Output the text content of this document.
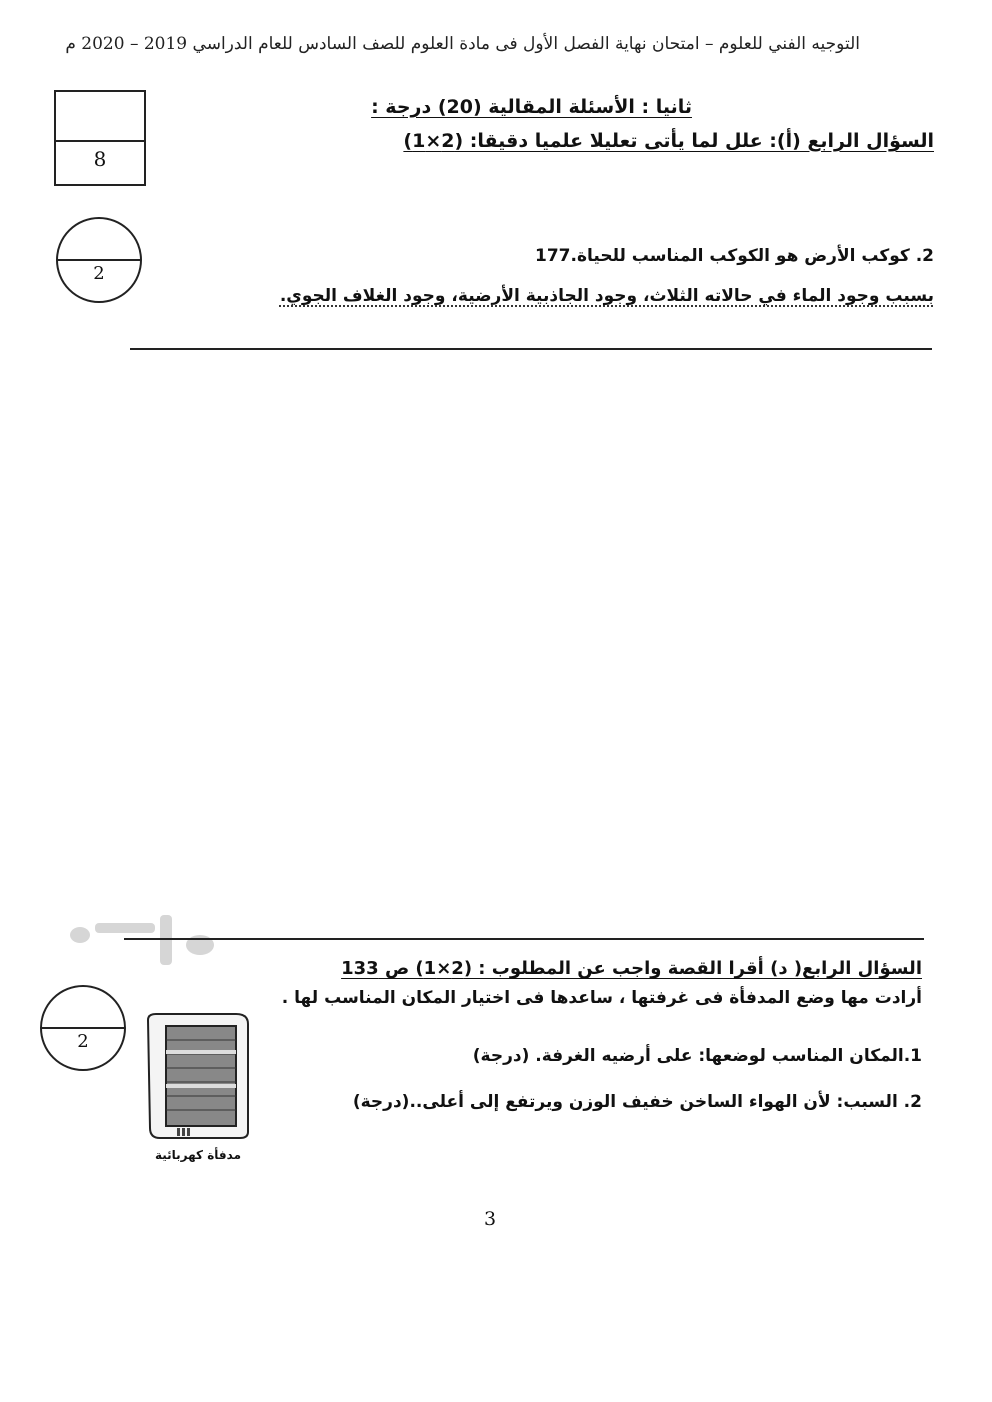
التوجيه الفني للعلوم – امتحان نهاية الفصل الأول فى مادة العلوم للصف السادس للعام الدراسي 2019 – 2020 م
8
ثانيا : الأسئلة المقالية (20) درجة :
السؤال الرابع (أ): علل لما يأتى تعليلا علميا دقيقا: (2×1)
2
2. كوكب الأرض هو الكوكب المناسب للحياة.177
بسبب وجود الماء في حالاته الثلاث، وجود الجاذبية الأرضية، وجود الغلاف الجوي.
السؤال الرابع( د) أقرا القصة واجب عن المطلوب : (2×1) ص 133
أرادت مها وضع المدفأة فى غرفتها ، ساعدها فى اختيار المكان المناسب لها .
2
مدفأة كهربائية
1.المكان المناسب لوضعها: على أرضيه الغرفة. (درجة)
2. السبب: لأن الهواء الساخن خفيف الوزن ويرتفع إلى أعلى..(درجة)
3
